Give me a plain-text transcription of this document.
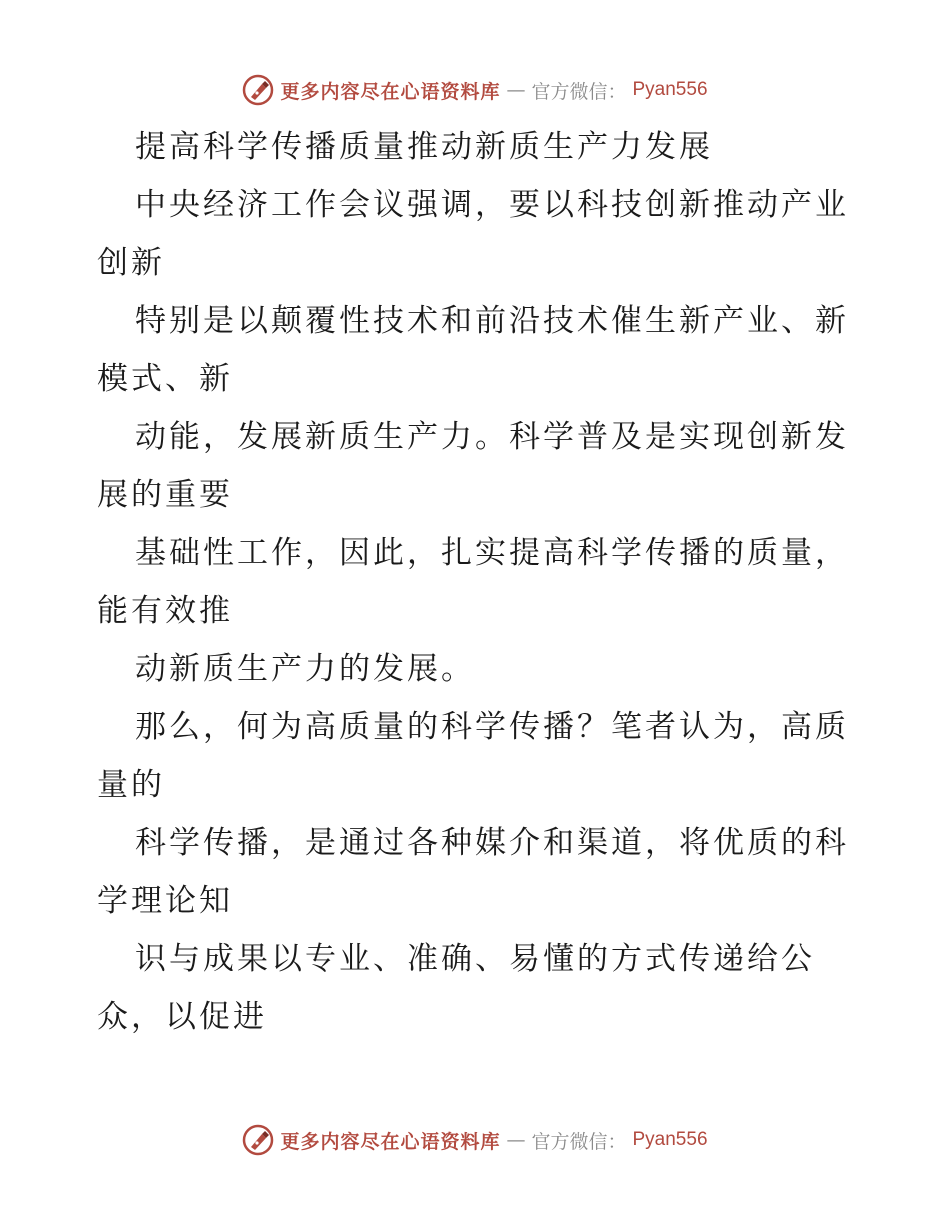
更多内容尽在心语资料库 — 官方微信： Pyan556
提高科学传播质量推动新质生产力发展
中央经济工作会议强调，要以科技创新推动产业
创新
特别是以颠覆性技术和前沿技术催生新产业、新
模式、新
动能，发展新质生产力。科学普及是实现创新发
展的重要
基础性工作，因此，扎实提高科学传播的质量，
能有效推
动新质生产力的发展。
那么，何为高质量的科学传播？笔者认为，高质
量的
科学传播，是通过各种媒介和渠道，将优质的科
学理论知
识与成果以专业、准确、易懂的方式传递给公
众，以促进
更多内容尽在心语资料库 — 官方微信： Pyan556
